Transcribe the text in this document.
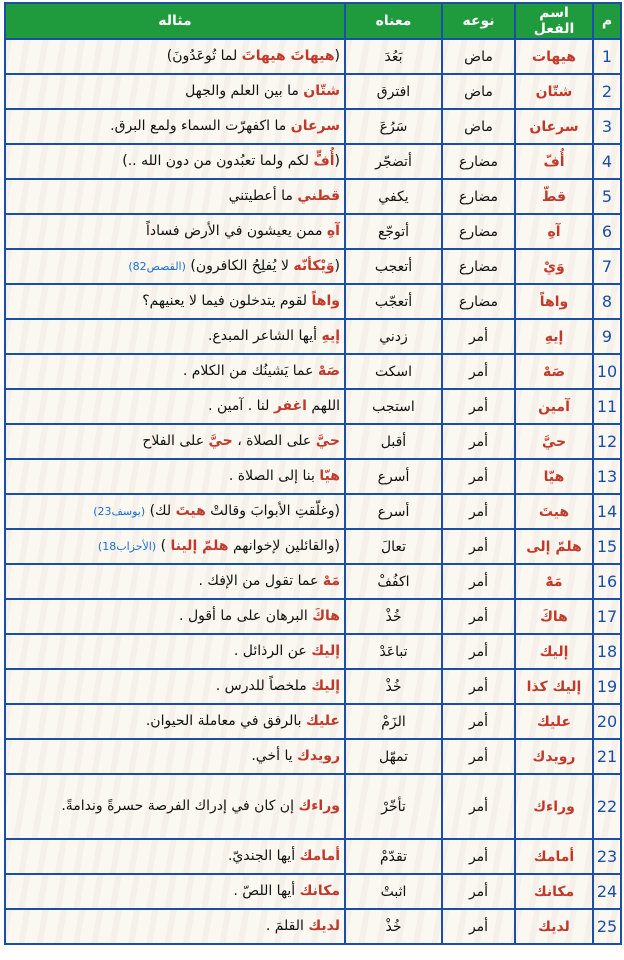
م	اسم الفعل	نوعه	معناه	مثاله
1	هيهات	ماض	بَعُدَ	(هيهاتَ هيهاتَ لما تُوعَدُونَ)
2	شتّان	ماض	افترق	شتّان ما بين العلم والجهل
3	سرعان	ماض	سَرُعَ	سرعان ما اكفهرّت السماء ولمع البرق.
4	أُفّ	مضارع	أتضجّر	(أُفٍّ لكم ولما تعبُدون من دون الله ..)
5	قطّ	مضارع	يكفي	قطني ما أعطيتني
6	آهِ	مضارع	أتوجّع	آهِ ممن يعيشون في الأرض فساداً
7	وَيْ	مضارع	أتعجب	(وَيْكأنّه لا يُفلِحُ الكافرون) (القصص82)
8	واهاً	مضارع	أتعجّب	واهاً لقوم يتدخلون فيما لا يعنيهم؟
9	إيهِ	أمر	زدني	إيهِ أيها الشاعر المبدع.
10	صَهْ	أمر	اسكت	صَهْ عما يَشينُك من الكلام .
11	آمين	أمر	استجب	اللهم اغفر لنا . آمين .
12	حيَّ	أمر	أقبل	حيَّ على الصلاة ، حيَّ على الفلاح
13	هيّا	أمر	أسرع	هيّا بنا إلى الصلاة .
14	هيتَ	أمر	أسرع	(وغلّقتِ الأبوابَ وقالتْ هيتَ لك) (يوسف23)
15	هلمّ إلى	أمر	تعالَ	(والقائلين لإخوانهم هلمّ إلينا ) (الأحزاب18)
16	مَهْ	أمر	اكفُفْ	مَهْ عما تقول من الإفك .
17	هاكَ	أمر	خُذْ	هاكَ البرهان على ما أقول .
18	إليك	أمر	تباعَدْ	إليك عن الرذائل .
19	إليك كذا	أمر	خُذْ	إليك ملخصاً للدرس .
20	عليك	أمر	الزَمْ	عليك بالرفق في معاملة الحيوان.
21	رويدك	أمر	تمهّل	رويدك يا أخي.
22	وراءك	أمر	تأخّرْ	وراءك إن كان في إدراك الفرصة حسرةً وندامةً.
23	أمامك	أمر	تقدّمْ	أمامك أيها الجنديّ.
24	مكانك	أمر	اثبتْ	مكانك أيها اللصّ .
25	لديك	أمر	خُذْ	لديك القلمَ .
